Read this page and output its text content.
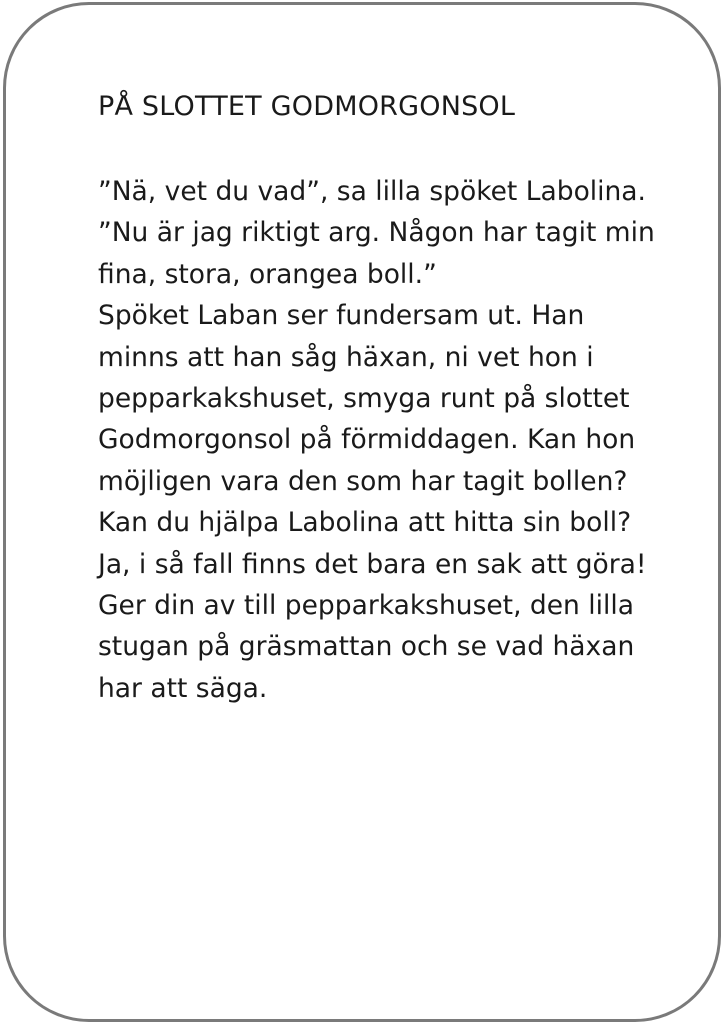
PÅ SLOTTET GODMORGONSOL
”Nä, vet du vad”, sa lilla spöket Labolina.
”Nu är jag riktigt arg. Någon har tagit min
fina, stora, orangea boll.”
Spöket Laban ser fundersam ut. Han
minns att han såg häxan, ni vet hon i
pepparkakshuset, smyga runt på slottet
Godmorgonsol på förmiddagen. Kan hon
möjligen vara den som har tagit bollen?
Kan du hjälpa Labolina att hitta sin boll?
Ja, i så fall finns det bara en sak att göra!
Ger din av till pepparkakshuset, den lilla
stugan på gräsmattan och se vad häxan
har att säga.
